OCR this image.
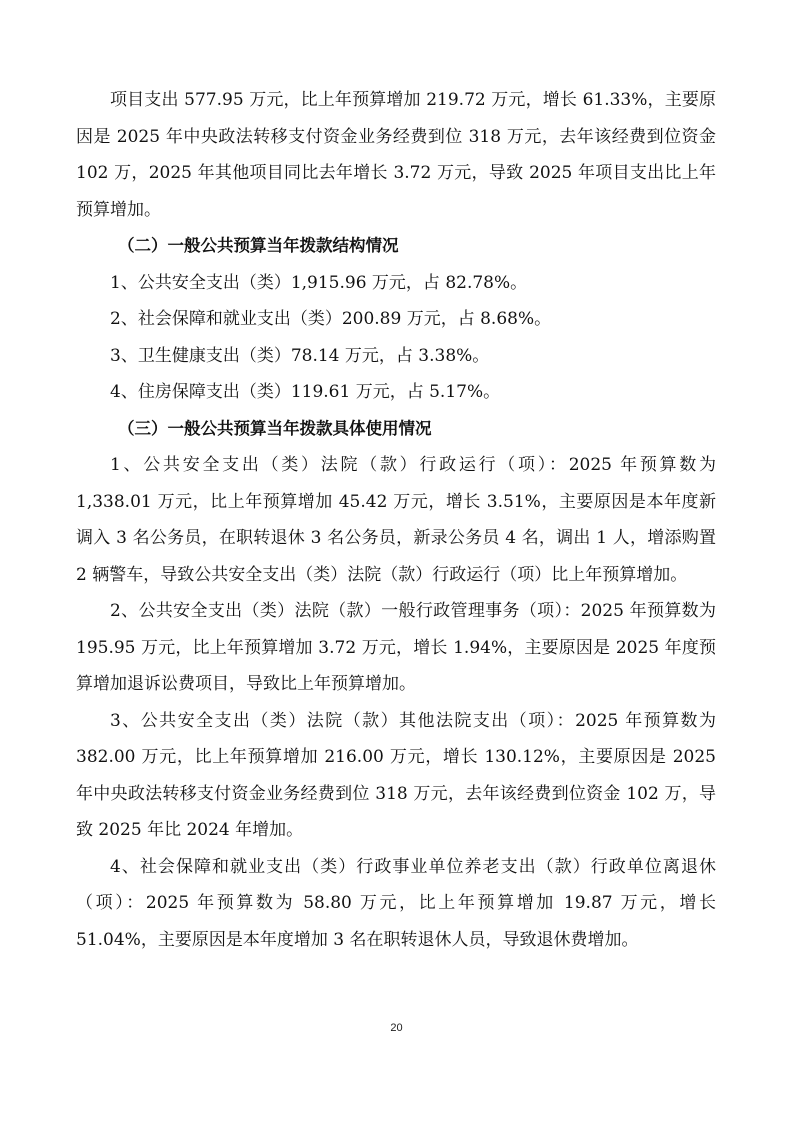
项目支出 577.95 万元，比上年预算增加 219.72 万元，增长 61.33%，主要原因是 2025 年中央政法转移支付资金业务经费到位 318 万元，去年该经费到位资金 102 万，2025 年其他项目同比去年增长 3.72 万元，导致 2025 年项目支出比上年预算增加。

（二）一般公共预算当年拨款结构情况

1、公共安全支出（类）1,915.96 万元，占 82.78%。

2、社会保障和就业支出（类）200.89 万元，占 8.68%。

3、卫生健康支出（类）78.14 万元，占 3.38%。

4、住房保障支出（类）119.61 万元，占 5.17%。

（三）一般公共预算当年拨款具体使用情况

1、公共安全支出（类）法院（款）行政运行（项）：2025 年预算数为 1,338.01 万元，比上年预算增加 45.42 万元，增长 3.51%，主要原因是本年度新调入 3 名公务员，在职转退休 3 名公务员，新录公务员 4 名，调出 1 人，增添购置 2 辆警车，导致公共安全支出（类）法院（款）行政运行（项）比上年预算增加。

2、公共安全支出（类）法院（款）一般行政管理事务（项）：2025 年预算数为 195.95 万元，比上年预算增加 3.72 万元，增长 1.94%，主要原因是 2025 年度预算增加退诉讼费项目，导致比上年预算增加。

3、公共安全支出（类）法院（款）其他法院支出（项）：2025 年预算数为 382.00 万元，比上年预算增加 216.00 万元，增长 130.12%，主要原因是 2025 年中央政法转移支付资金业务经费到位 318 万元，去年该经费到位资金 102 万，导致 2025 年比 2024 年增加。

4、社会保障和就业支出（类）行政事业单位养老支出（款）行政单位离退休（项）：2025 年预算数为 58.80 万元，比上年预算增加 19.87 万元，增长 51.04%，主要原因是本年度增加 3 名在职转退休人员，导致退休费增加。

20
